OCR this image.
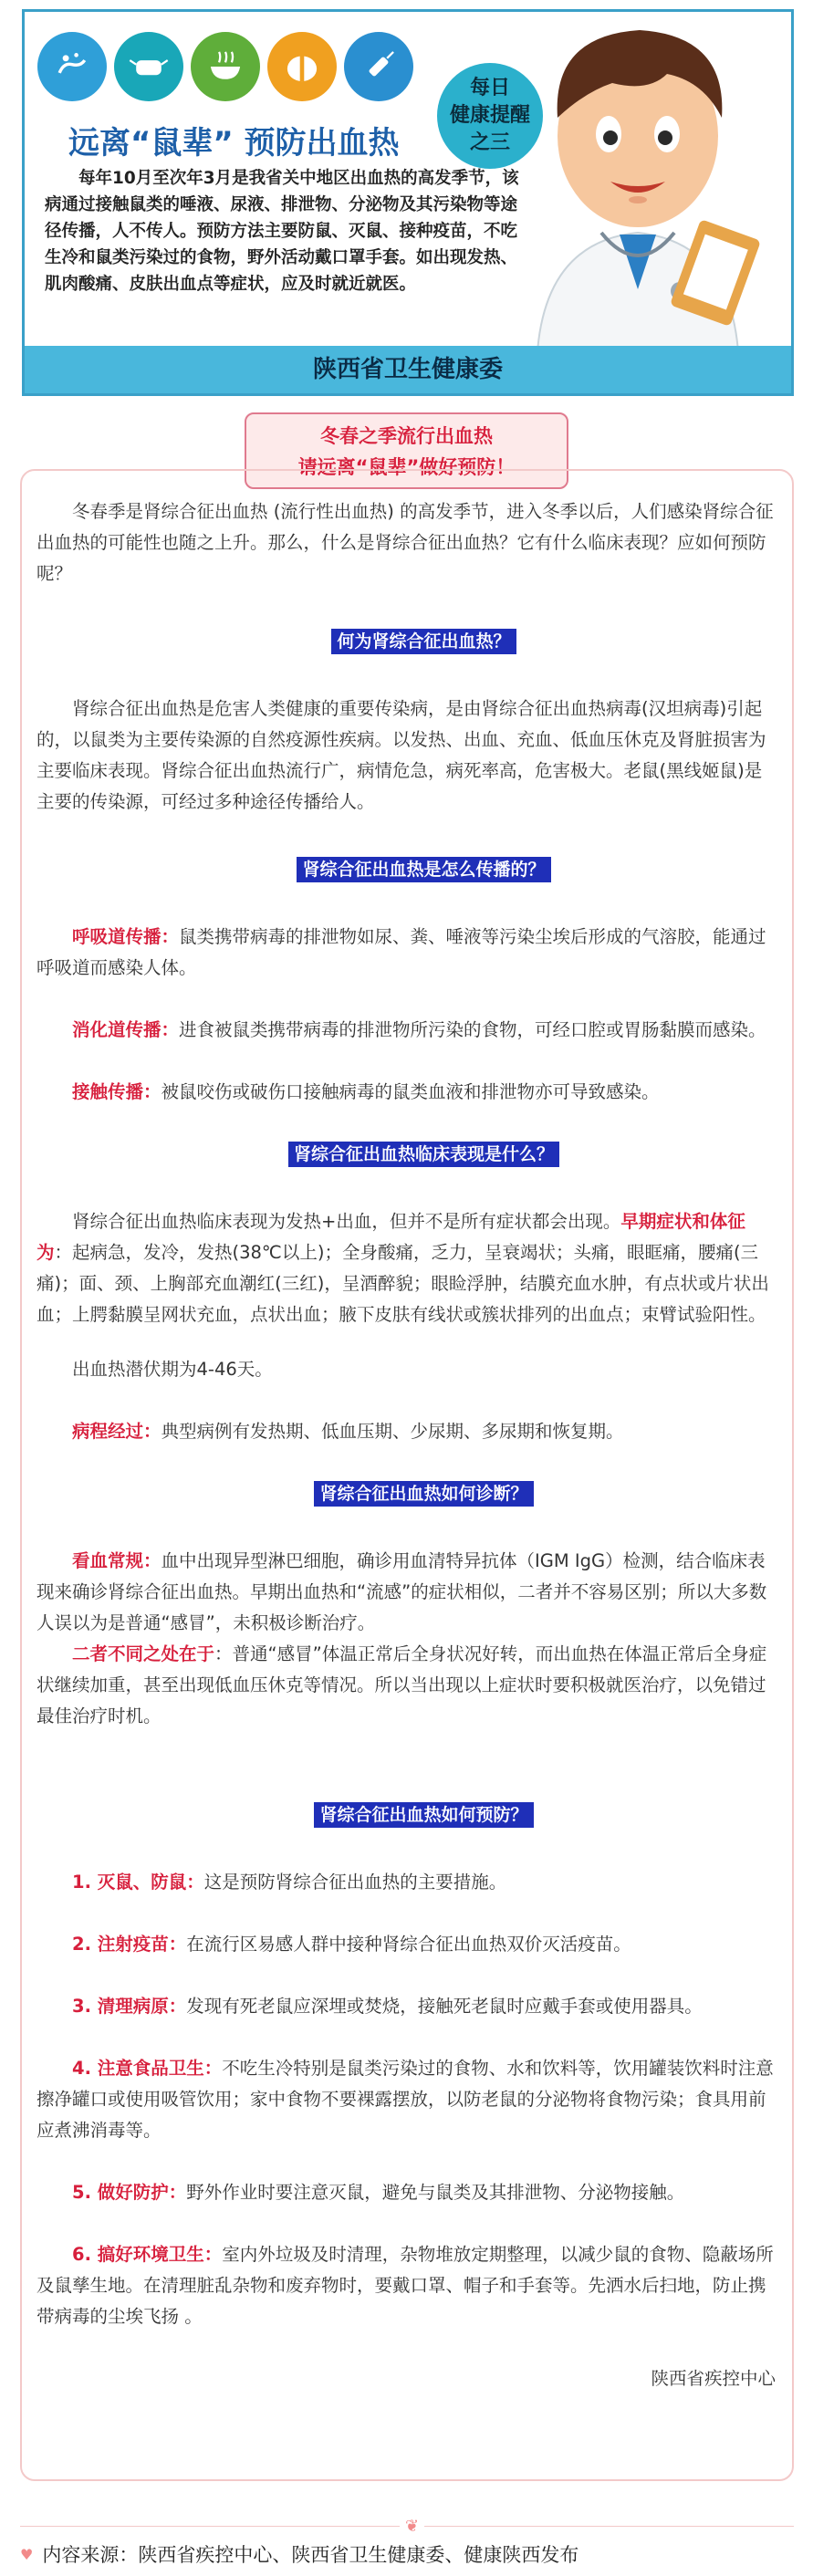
远离“鼠辈” 预防出血热
每日
健康提醒
之三

每年10月至次年3月是我省关中地区出血热的高发季节，该病通过接触鼠类的唾液、尿液、排泄物、分泌物及其污染物等途径传播，人不传人。预防方法主要防鼠、灭鼠、接种疫苗，不吃生冷和鼠类污染过的食物，野外活动戴口罩手套。如出现发热、肌肉酸痛、皮肤出血点等症状，应及时就近就医。

陕西省卫生健康委
冬春之季流行出血热
请远离“鼠辈”做好预防！

冬春季是肾综合征出血热 (流行性出血热) 的高发季节，进入冬季以后，人们感染肾综合征出血热的可能性也随之上升。那么，什么是肾综合征出血热？它有什么临床表现？应如何预防呢？

何为肾综合征出血热？

肾综合征出血热是危害人类健康的重要传染病，是由肾综合征出血热病毒(汉坦病毒)引起的，以鼠类为主要传染源的自然疫源性疾病。以发热、出血、充血、低血压休克及肾脏损害为主要临床表现。肾综合征出血热流行广，病情危急，病死率高，危害极大。老鼠(黑线姬鼠)是主要的传染源，可经过多种途径传播给人。

肾综合征出血热是怎么传播的？

呼吸道传播：鼠类携带病毒的排泄物如尿、粪、唾液等污染尘埃后形成的气溶胶，能通过呼吸道而感染人体。

消化道传播：进食被鼠类携带病毒的排泄物所污染的食物，可经口腔或胃肠黏膜而感染。

接触传播：被鼠咬伤或破伤口接触病毒的鼠类血液和排泄物亦可导致感染。

肾综合征出血热临床表现是什么？

肾综合征出血热临床表现为发热+出血，但并不是所有症状都会出现。早期症状和体征为：起病急，发冷，发热(38℃以上)；全身酸痛，乏力，呈衰竭状；头痛，眼眶痛，腰痛(三痛)；面、颈、上胸部充血潮红(三红)，呈酒醉貌；眼睑浮肿，结膜充血水肿，有点状或片状出血；上腭黏膜呈网状充血，点状出血；腋下皮肤有线状或簇状排列的出血点；束臂试验阳性。

出血热潜伏期为4-46天。

病程经过：典型病例有发热期、低血压期、少尿期、多尿期和恢复期。

肾综合征出血热如何诊断？

看血常规：血中出现异型淋巴细胞，确诊用血清特异抗体（IGM IgG）检测，结合临床表现来确诊肾综合征出血热。早期出血热和“流感”的症状相似，二者并不容易区别；所以大多数人误以为是普通“感冒”，未积极诊断治疗。

二者不同之处在于：普通“感冒”体温正常后全身状况好转，而出血热在体温正常后全身症状继续加重，甚至出现低血压休克等情况。所以当出现以上症状时要积极就医治疗，以免错过最佳治疗时机。

肾综合征出血热如何预防？

1. 灭鼠、防鼠：这是预防肾综合征出血热的主要措施。

2. 注射疫苗：在流行区易感人群中接种肾综合征出血热双价灭活疫苗。

3. 清理病原：发现有死老鼠应深埋或焚烧，接触死老鼠时应戴手套或使用器具。

4. 注意食品卫生：不吃生冷特别是鼠类污染过的食物、水和饮料等，饮用罐装饮料时注意擦净罐口或使用吸管饮用；家中食物不要裸露摆放，以防老鼠的分泌物将食物污染；食具用前应煮沸消毒等。

5. 做好防护：野外作业时要注意灭鼠，避免与鼠类及其排泄物、分泌物接触。

6. 搞好环境卫生：室内外垃圾及时清理，杂物堆放定期整理，以减少鼠的食物、隐蔽场所及鼠孳生地。在清理脏乱杂物和废弃物时，要戴口罩、帽子和手套等。先洒水后扫地，防止携带病毒的尘埃飞扬 。

陕西省疾控中心

❦
♥ 内容来源：陕西省疾控中心、陕西省卫生健康委、健康陕西发布
